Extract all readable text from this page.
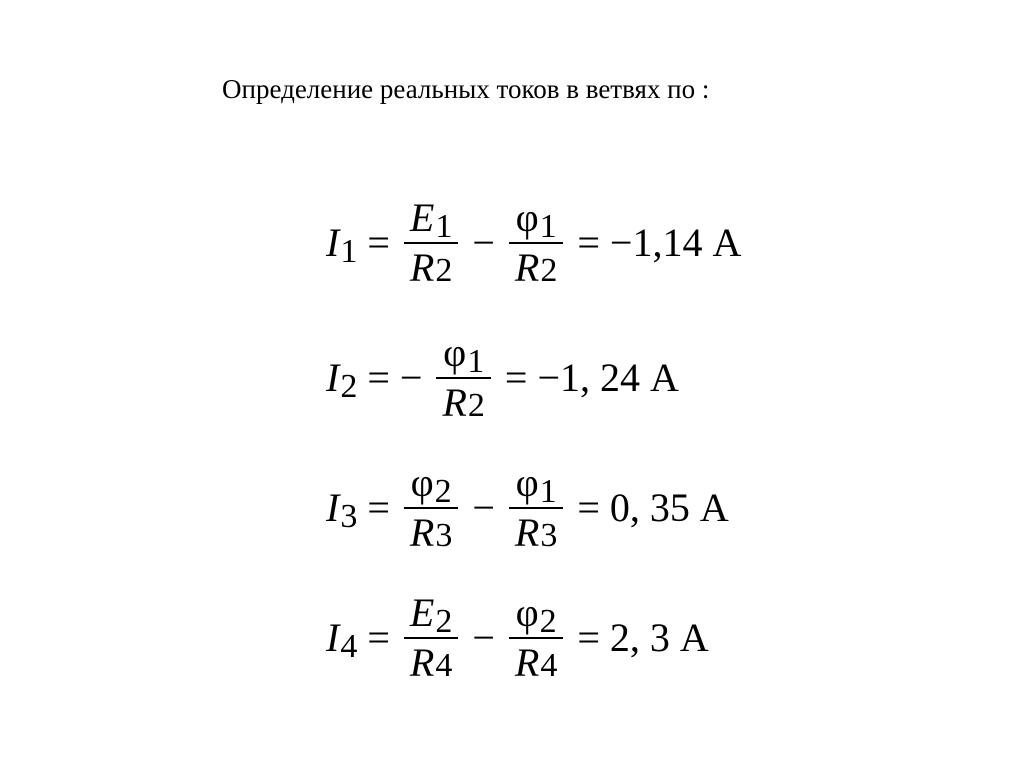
Определение реальных токов в ветвях по :
I $1 = \frac{E 1}{R 2} - \frac{\varphi 1}{R 2} = -1,14$
А
I 2 = − $\frac{\varphi 1}{R 2} = -1$, 24
А
I $3 = \frac{\varphi 2}{R 3} - \frac{\varphi 1}{R 3} = 0$, 35
А
I $4 = \frac{E 2}{R 4} - \frac{\varphi 2}{R 4} = 2$, 3
А
